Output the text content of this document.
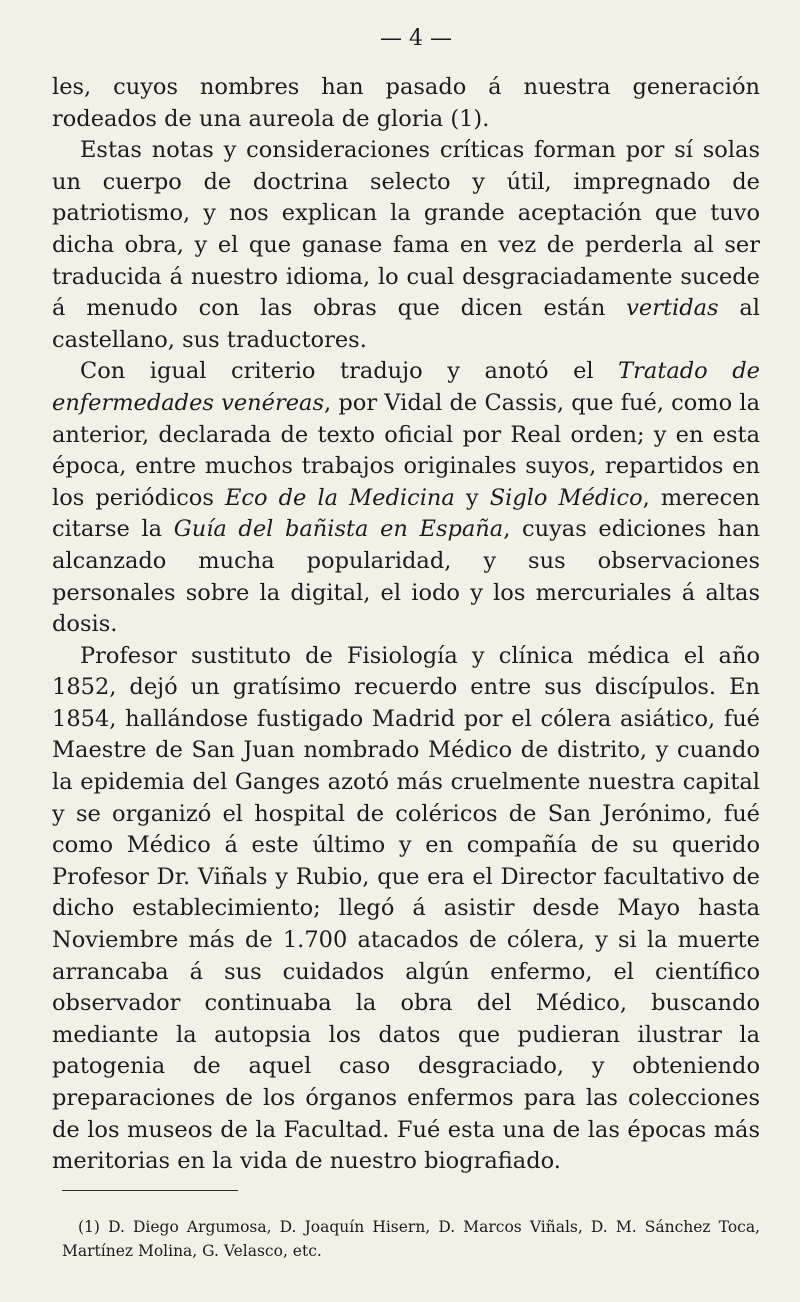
— 4 —

les, cuyos nombres han pasado á nuestra generación rodeados de una aureola de gloria (1).

Estas notas y consideraciones críticas forman por sí solas un cuerpo de doctrina selecto y útil, impregnado de patriotismo, y nos explican la grande aceptación que tuvo dicha obra, y el que ganase fama en vez de perderla al ser traducida á nuestro idioma, lo cual desgraciadamente sucede á menudo con las obras que dicen están vertidas al castellano, sus traductores.

Con igual criterio tradujo y anotó el Tratado de enfermedades venéreas, por Vidal de Cassis, que fué, como la anterior, declarada de texto oficial por Real orden; y en esta época, entre muchos trabajos originales suyos, repartidos en los periódicos Eco de la Medicina y Siglo Médico, merecen citarse la Guía del bañista en España, cuyas ediciones han alcanzado mucha popularidad, y sus observaciones personales sobre la digital, el iodo y los mercuriales á altas dosis.

Profesor sustituto de Fisiología y clínica médica el año 1852, dejó un gratísimo recuerdo entre sus discípulos. En 1854, hallándose fustigado Madrid por el cólera asiático, fué Maestre de San Juan nombrado Médico de distrito, y cuando la epidemia del Ganges azotó más cruelmente nuestra capital y se organizó el hospital de coléricos de San Jerónimo, fué como Médico á este último y en compañía de su querido Profesor Dr. Viñals y Rubio, que era el Director facultativo de dicho establecimiento; llegó á asistir desde Mayo hasta Noviembre más de 1.700 atacados de cólera, y si la muerte arrancaba á sus cuidados algún enfermo, el científico observador continuaba la obra del Médico, buscando mediante la autopsia los datos que pudieran ilustrar la patogenia de aquel caso desgraciado, y obteniendo preparaciones de los órganos enfermos para las colecciones de los museos de la Facultad. Fué esta una de las épocas más meritorias en la vida de nuestro biografiado.

(1) D. Diego Argumosa, D. Joaquín Hisern, D. Marcos Viñals, D. M. Sánchez Toca, Martínez Molina, G. Velasco, etc.
